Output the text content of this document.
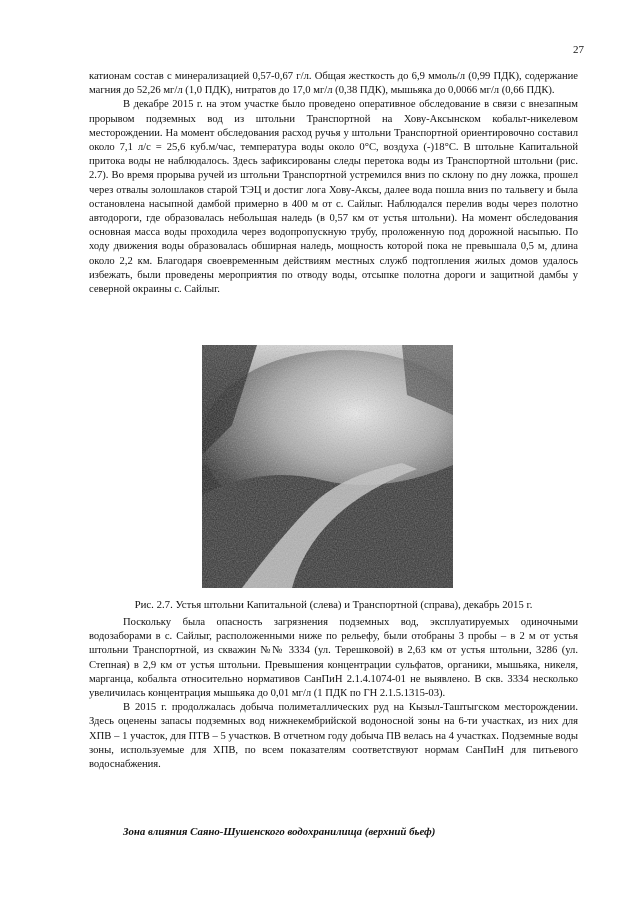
27

катионам состав с минерализацией 0,57-0,67 г/л. Общая жесткость до 6,9 ммоль/л (0,99 ПДК), содержание магния до 52,26 мг/л (1,0 ПДК), нитратов до 17,0 мг/л (0,38 ПДК), мышьяка до 0,0066 мг/л (0,66 ПДК).

В декабре 2015 г. на этом участке было проведено оперативное обследование в связи с внезапным прорывом подземных вод из штольни Транспортной на Хову-Аксынском кобальт-никелевом месторождении. На момент обследования расход ручья у штольни Транспортной ориентировочно составил около 7,1 л/с = 25,6 куб.м/час, температура воды около 0°С, воздуха (-)18°С. В штольне Капитальной притока воды не наблюдалось. Здесь зафиксированы следы перетока воды из Транспортной штольни (рис. 2.7). Во время прорыва ручей из штольни Транспортной устремился вниз по склону по дну ложка, прошел через отвалы золошлаков старой ТЭЦ и достиг лога Хову-Аксы, далее вода пошла вниз по тальвегу и была остановлена насыпной дамбой примерно в 400 м от с. Сайлыг. Наблюдался перелив воды через полотно автодороги, где образовалась небольшая наледь (в 0,57 км от устья штольни). На момент обследования основная масса воды проходила через водопропускную трубу, проложенную под дорожной насыпью. По ходу движения воды образовалась обширная наледь, мощность которой пока не превышала 0,5 м, длина около 2,2 км. Благодаря своевременным действиям местных служб подтопления жилых домов удалось избежать, были проведены мероприятия по отводу воды, отсыпке полотна дороги и защитной дамбы у северной окраины с. Сайлыг.

Рис. 2.7. Устья штольни Капитальной (слева) и Транспортной (справа), декабрь 2015 г.

Поскольку была опасность загрязнения подземных вод, эксплуатируемых одиночными водозаборами в с. Сайлыг, расположенными ниже по рельефу, были отобраны 3 пробы – в 2 м от устья штольни Транспортной, из скважин №№ 3334 (ул. Терешковой) в 2,63 км от устья штольни, 3286 (ул. Степная) в 2,9 км от устья штольни. Превышения концентрации сульфатов, органики, мышьяка, никеля, марганца, кобальта относительно нормативов СанПиН 2.1.4.1074-01 не выявлено. В скв. 3334 несколько увеличилась концентрация мышьяка до 0,01 мг/л (1 ПДК по ГН 2.1.5.1315-03).

В 2015 г. продолжалась добыча полиметаллических руд на Кызыл-Таштыгском месторождении. Здесь оценены запасы подземных вод нижнекембрийской водоносной зоны на 6-ти участках, из них для ХПВ – 1 участок, для ПТВ – 5 участков. В отчетном году добыча ПВ велась на 4 участках. Подземные воды зоны, используемые для ХПВ, по всем показателям соответствуют нормам СанПиН для питьевого водоснабжения.

Зона влияния Саяно-Шушенского водохранилища (верхний бьеф)
